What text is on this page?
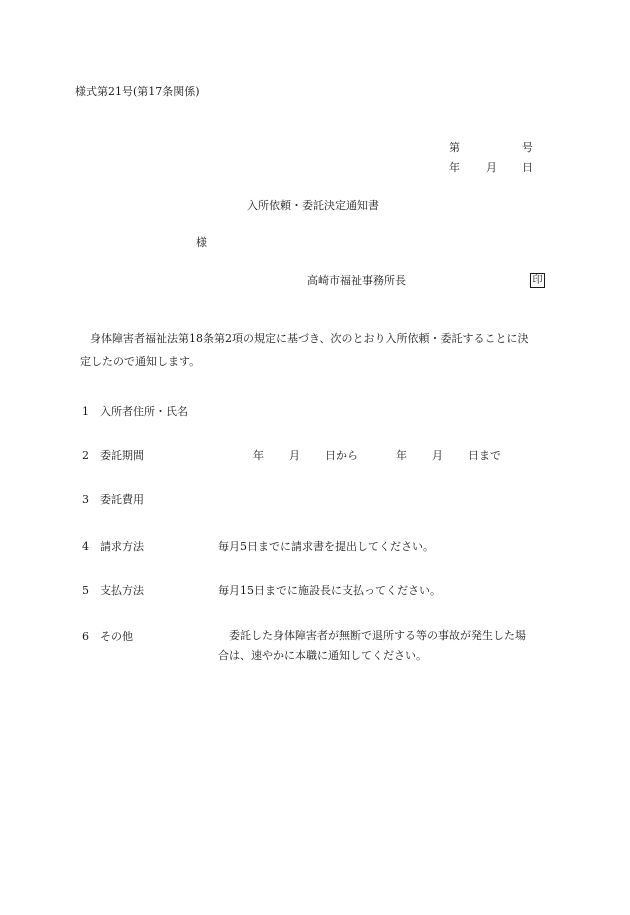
様式第21号(第17条関係)
第	号
年 月 日
入所依頼・委託決定通知書
様
高崎市福祉事務所長	印
身体障害者福祉法第18条第2項の規定に基づき、次のとおり入所依頼・委託することに決
定したので通知します。
1 入所者住所・氏名
2 委託期間	年 月 日から	年 月 日まで
3 委託費用
4 請求方法	毎月5日までに請求書を提出してください。
5 支払方法	毎月15日までに施設長に支払ってください。
6 その他	委託した身体障害者が無断で退所する等の事故が発生した場
合は、速やかに本職に通知してください。
